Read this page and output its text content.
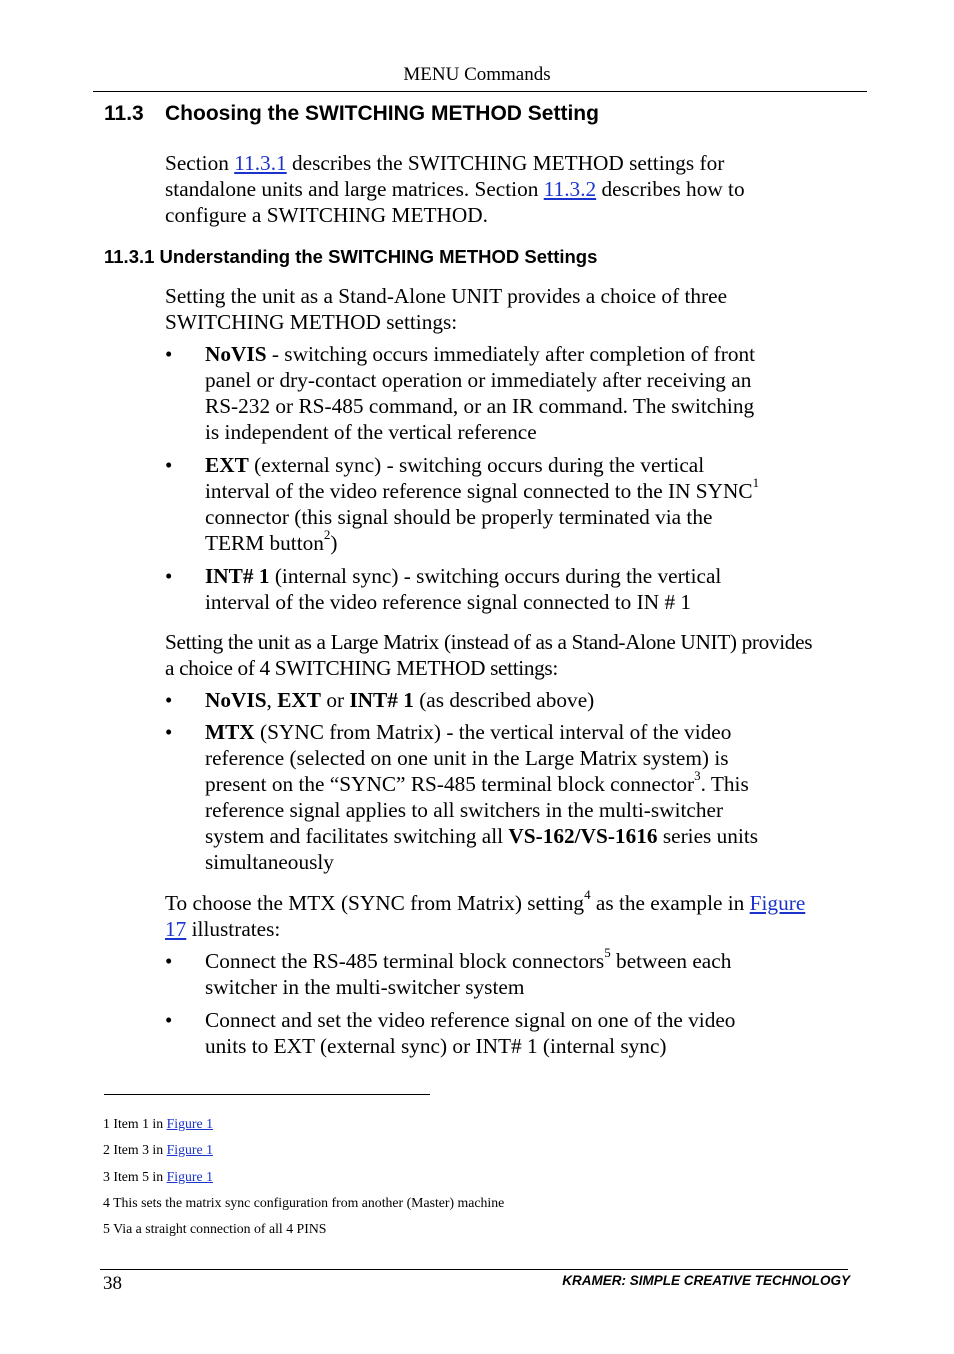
MENU Commands
11.3 Choosing the SWITCHING METHOD Setting
Section 11.3.1 describes the SWITCHING METHOD settings for
standalone units and large matrices. Section 11.3.2 describes how to
configure a SWITCHING METHOD.
11.3.1 Understanding the SWITCHING METHOD Settings
Setting the unit as a Stand-Alone UNIT provides a choice of three
SWITCHING METHOD settings:
• NoVIS - switching occurs immediately after completion of front
panel or dry-contact operation or immediately after receiving an
RS-232 or RS-485 command, or an IR command. The switching
is independent of the vertical reference
• EXT (external sync) - switching occurs during the vertical
interval of the video reference signal connected to the IN SYNC$^1$
connector (this signal should be properly terminated via the
TERM button$^2$)
• INT# 1 (internal sync) - switching occurs during the vertical
interval of the video reference signal connected to IN # 1
Setting the unit as a Large Matrix (instead of as a Stand-Alone UNIT) provides
a choice of 4 SWITCHING METHOD settings:
• NoVIS, EXT or INT# 1 (as described above)
• MTX (SYNC from Matrix) - the vertical interval of the video
reference (selected on one unit in the Large Matrix system) is
present on the “SYNC” RS-485 terminal block connector$^3$. This
reference signal applies to all switchers in the multi-switcher
system and facilitates switching all VS-162/VS-1616 series units
simultaneously
To choose the MTX (SYNC from Matrix) setting$^4$ as the example in Figure
17 illustrates:
• Connect the RS-485 terminal block connectors$^5$ between each
switcher in the multi-switcher system
• Connect and set the video reference signal on one of the video
units to EXT (external sync) or INT# 1 (internal sync)
1 Item 1 in Figure 1
2 Item 3 in Figure 1
3 Item 5 in Figure 1
4 This sets the matrix sync configuration from another (Master) machine
5 Via a straight connection of all 4 PINS
38	KRAMER: SIMPLE CREATIVE TECHNOLOGY
